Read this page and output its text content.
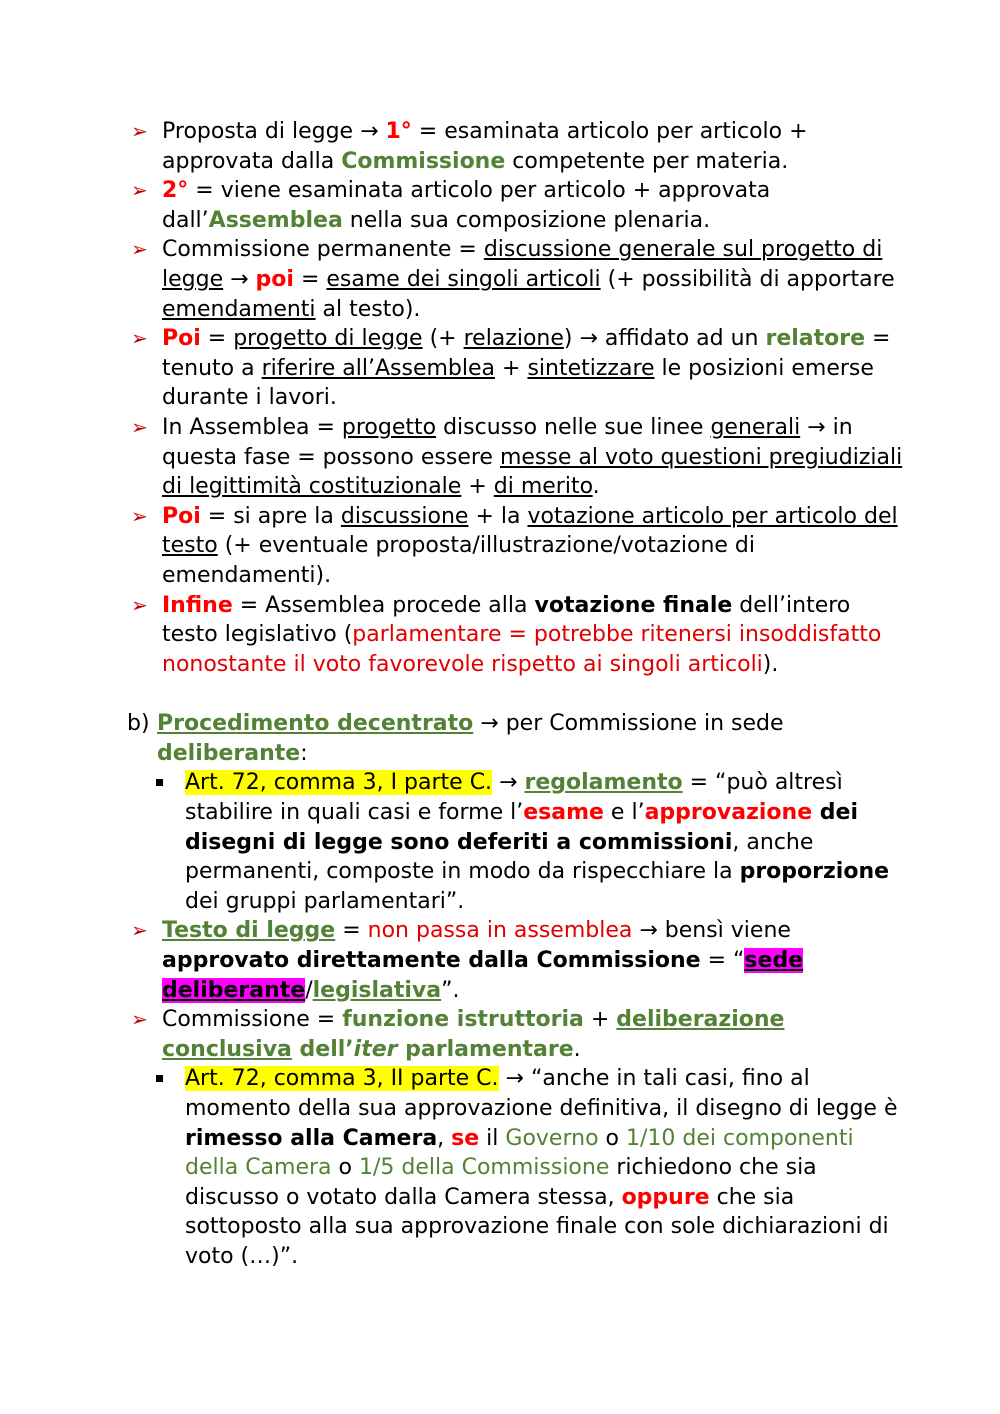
➢ Proposta di legge → 1° = esaminata articolo per articolo + approvata dalla Commissione competente per materia.
➢ 2° = viene esaminata articolo per articolo + approvata dall’Assemblea nella sua composizione plenaria.
➢ Commissione permanente = discussione generale sul progetto di legge → poi = esame dei singoli articoli (+ possibilità di apportare emendamenti al testo).
➢ Poi = progetto di legge (+ relazione) → affidato ad un relatore = tenuto a riferire all’Assemblea + sintetizzare le posizioni emerse durante i lavori.
➢ In Assemblea = progetto discusso nelle sue linee generali → in questa fase = possono essere messe al voto questioni pregiudiziali di legittimità costituzionale + di merito.
➢ Poi = si apre la discussione + la votazione articolo per articolo del testo (+ eventuale proposta/illustrazione/votazione di emendamenti).
➢ Infine = Assemblea procede alla votazione finale dell’intero testo legislativo (parlamentare = potrebbe ritenersi insoddisfatto nonostante il voto favorevole rispetto ai singoli articoli).
b) Procedimento decentrato → per Commissione in sede deliberante:
Art. 72, comma 3, I parte C. → regolamento = “può altresì stabilire in quali casi e forme l’esame e l’approvazione dei disegni di legge sono deferiti a commissioni, anche permanenti, composte in modo da rispecchiare la proporzione dei gruppi parlamentari”.
➢ Testo di legge = non passa in assemblea → bensì viene approvato direttamente dalla Commissione = “sede deliberante/legislativa”.
➢ Commissione = funzione istruttoria + deliberazione conclusiva dell’iter parlamentare.
Art. 72, comma 3, II parte C. → “anche in tali casi, fino al momento della sua approvazione definitiva, il disegno di legge è rimesso alla Camera, se il Governo o 1/10 dei componenti della Camera o 1/5 della Commissione richiedono che sia discusso o votato dalla Camera stessa, oppure che sia sottoposto alla sua approvazione finale con sole dichiarazioni di voto (…)”.
